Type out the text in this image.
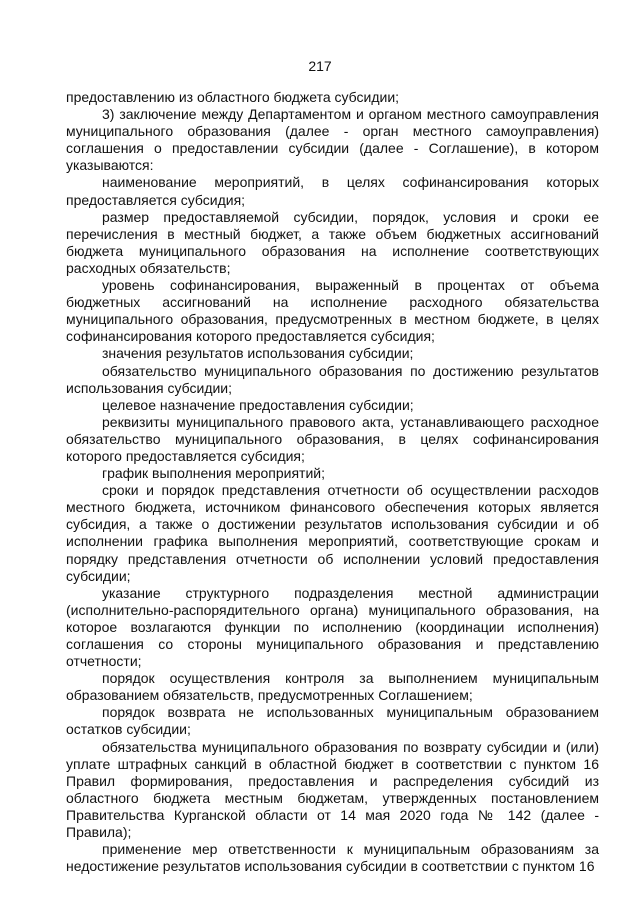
217

предоставлению из областного бюджета субсидии;

3) заключение между Департаментом и органом местного самоуправления муниципального образования (далее - орган местного самоуправления) соглашения о предоставлении субсидии (далее - Соглашение), в котором указываются:

наименование мероприятий, в целях софинансирования которых предоставляется субсидия;

размер предоставляемой субсидии, порядок, условия и сроки ее перечисления в местный бюджет, а также объем бюджетных ассигнований бюджета муниципального образования на исполнение соответствующих расходных обязательств;

уровень софинансирования, выраженный в процентах от объема бюджетных ассигнований на исполнение расходного обязательства муниципального образования, предусмотренных в местном бюджете, в целях софинансирования которого предоставляется субсидия;

значения результатов использования субсидии;

обязательство муниципального образования по достижению результатов использования субсидии;

целевое назначение предоставления субсидии;

реквизиты муниципального правового акта, устанавливающего расходное обязательство муниципального образования, в целях софинансирования которого предоставляется субсидия;

график выполнения мероприятий;

сроки и порядок представления отчетности об осуществлении расходов местного бюджета, источником финансового обеспечения которых является субсидия, а также о достижении результатов использования субсидии и об исполнении графика выполнения мероприятий, соответствующие срокам и порядку представления отчетности об исполнении условий предоставления субсидии;

указание структурного подразделения местной администрации (исполнительно-распорядительного органа) муниципального образования, на которое возлагаются функции по исполнению (координации исполнения) соглашения со стороны муниципального образования и представлению отчетности;

порядок осуществления контроля за выполнением муниципальным образованием обязательств, предусмотренных Соглашением;

порядок возврата не использованных муниципальным образованием остатков субсидии;

обязательства муниципального образования по возврату субсидии и (или) уплате штрафных санкций в областной бюджет в соответствии с пунктом 16 Правил формирования, предоставления и распределения субсидий из областного бюджета местным бюджетам, утвержденных постановлением Правительства Курганской области от 14 мая 2020 года № 142 (далее - Правила);

применение мер ответственности к муниципальным образованиям за недостижение результатов использования субсидии в соответствии с пунктом 16
